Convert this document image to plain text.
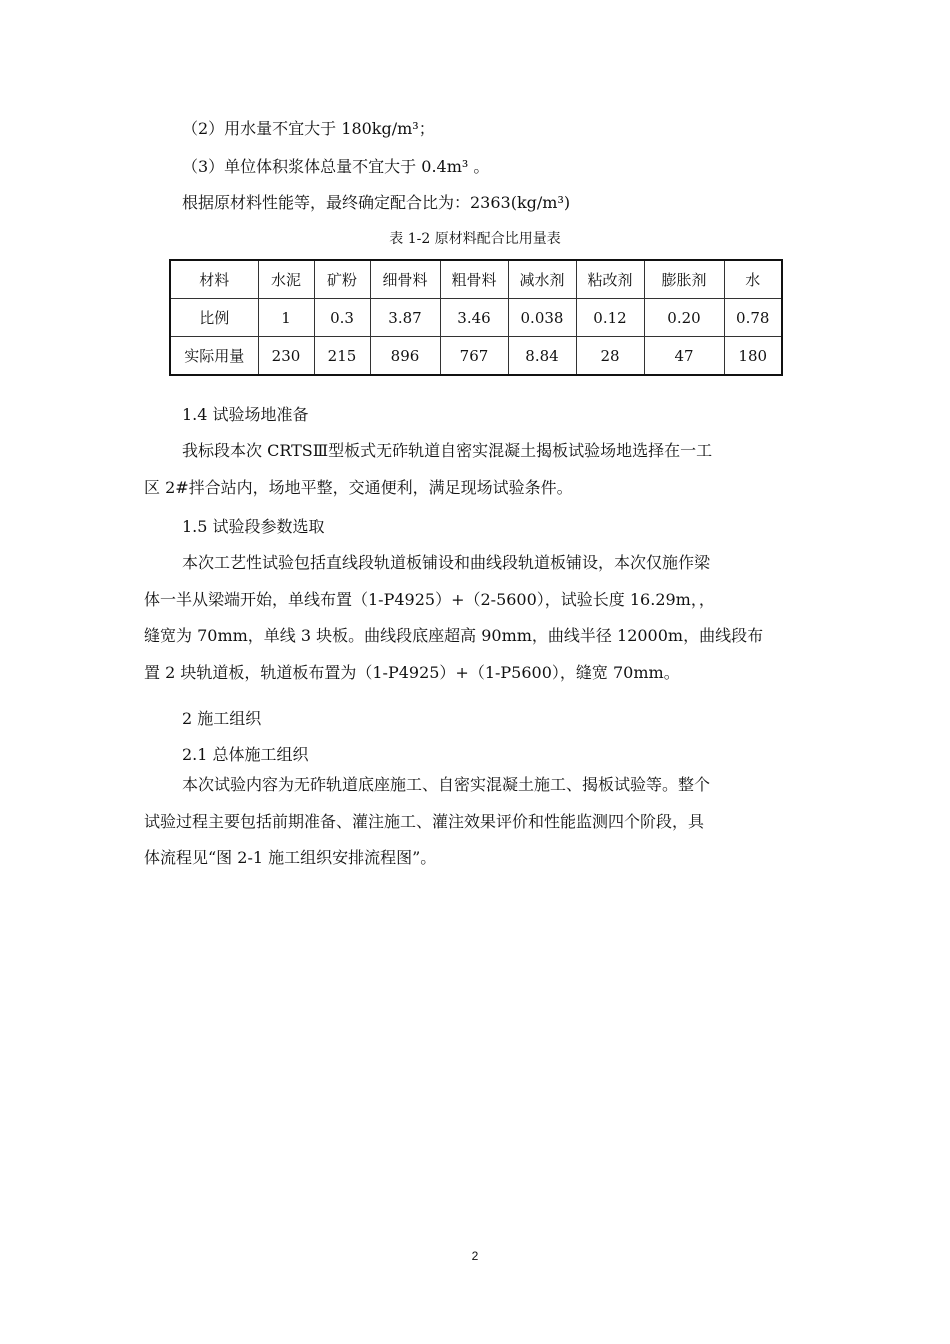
（2）用水量不宜大于 180kg/m³；
（3）单位体积浆体总量不宜大于 0.4m³ 。
根据原材料性能等，最终确定配合比为：2363(kg/m³)
表 1-2 原材料配合比用量表
材料	水泥	矿粉	细骨料	粗骨料	减水剂	粘改剂	膨胀剂	水
比例	1	0.3	3.87	3.46	0.038	0.12	0.20	0.78
实际用量	230	215	896	767	8.84	28	47	180
1.4 试验场地准备
我标段本次 CRTSⅢ型板式无砟轨道自密实混凝土揭板试验场地选择在一工
区 2#拌合站内，场地平整，交通便利，满足现场试验条件。
1.5 试验段参数选取
本次工艺性试验包括直线段轨道板铺设和曲线段轨道板铺设，本次仅施作梁
体一半从梁端开始，单线布置（1-P4925）+（2-5600），试验长度 16.29m，，
缝宽为 70mm，单线 3 块板。曲线段底座超高 90mm，曲线半径 12000m，曲线段布
置 2 块轨道板，轨道板布置为（1-P4925）+（1-P5600），缝宽 70mm。
2 施工组织
2.1 总体施工组织
本次试验内容为无砟轨道底座施工、自密实混凝土施工、揭板试验等。整个
试验过程主要包括前期准备、灌注施工、灌注效果评价和性能监测四个阶段，具
体流程见“图 2-1 施工组织安排流程图”。
2
